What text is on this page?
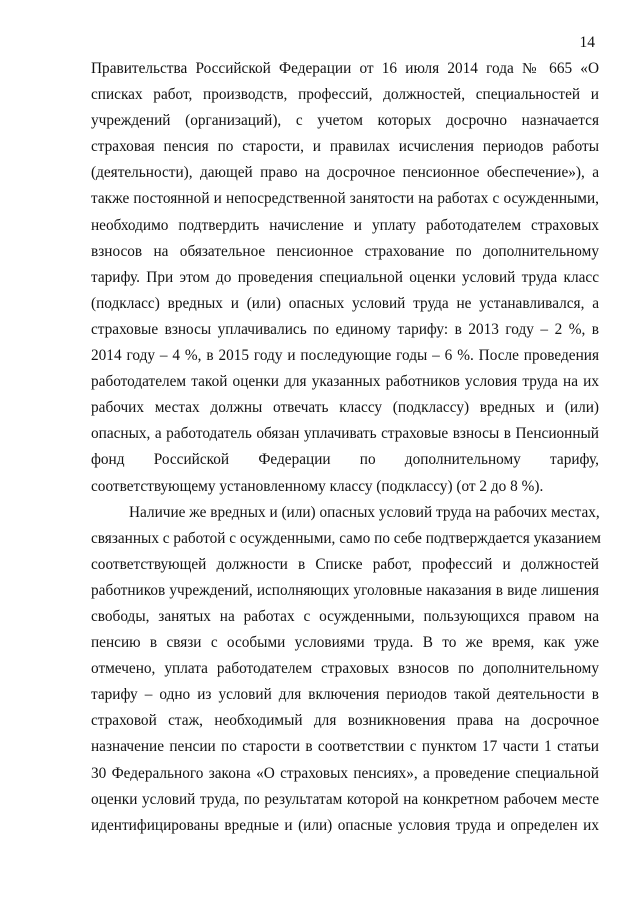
14
Правительства Российской Федерации от 16 июля 2014 года № 665 «О
списках работ, производств, профессий, должностей, специальностей и
учреждений (организаций), с учетом которых досрочно назначается
страховая пенсия по старости, и правилах исчисления периодов работы
(деятельности), дающей право на досрочное пенсионное обеспечение»), а
также постоянной и непосредственной занятости на работах с осужденными,
необходимо подтвердить начисление и уплату работодателем страховых
взносов на обязательное пенсионное страхование по дополнительному
тарифу. При этом до проведения специальной оценки условий труда класс
(подкласс) вредных и (или) опасных условий труда не устанавливался, а
страховые взносы уплачивались по единому тарифу: в 2013 году – 2 %, в
2014 году – 4 %, в 2015 году и последующие годы – 6 %. После проведения
работодателем такой оценки для указанных работников условия труда на их
рабочих местах должны отвечать классу (подклассу) вредных и (или)
опасных, а работодатель обязан уплачивать страховые взносы в Пенсионный
фонд Российской Федерации по дополнительному тарифу,
соответствующему установленному классу (подклассу) (от 2 до 8 %).
Наличие же вредных и (или) опасных условий труда на рабочих местах,
связанных с работой с осужденными, само по себе подтверждается указанием
соответствующей должности в Списке работ, профессий и должностей
работников учреждений, исполняющих уголовные наказания в виде лишения
свободы, занятых на работах с осужденными, пользующихся правом на
пенсию в связи с особыми условиями труда. В то же время, как уже
отмечено, уплата работодателем страховых взносов по дополнительному
тарифу – одно из условий для включения периодов такой деятельности в
страховой стаж, необходимый для возникновения права на досрочное
назначение пенсии по старости в соответствии с пунктом 17 части 1 статьи
30 Федерального закона «О страховых пенсиях», а проведение специальной
оценки условий труда, по результатам которой на конкретном рабочем месте
идентифицированы вредные и (или) опасные условия труда и определен их
